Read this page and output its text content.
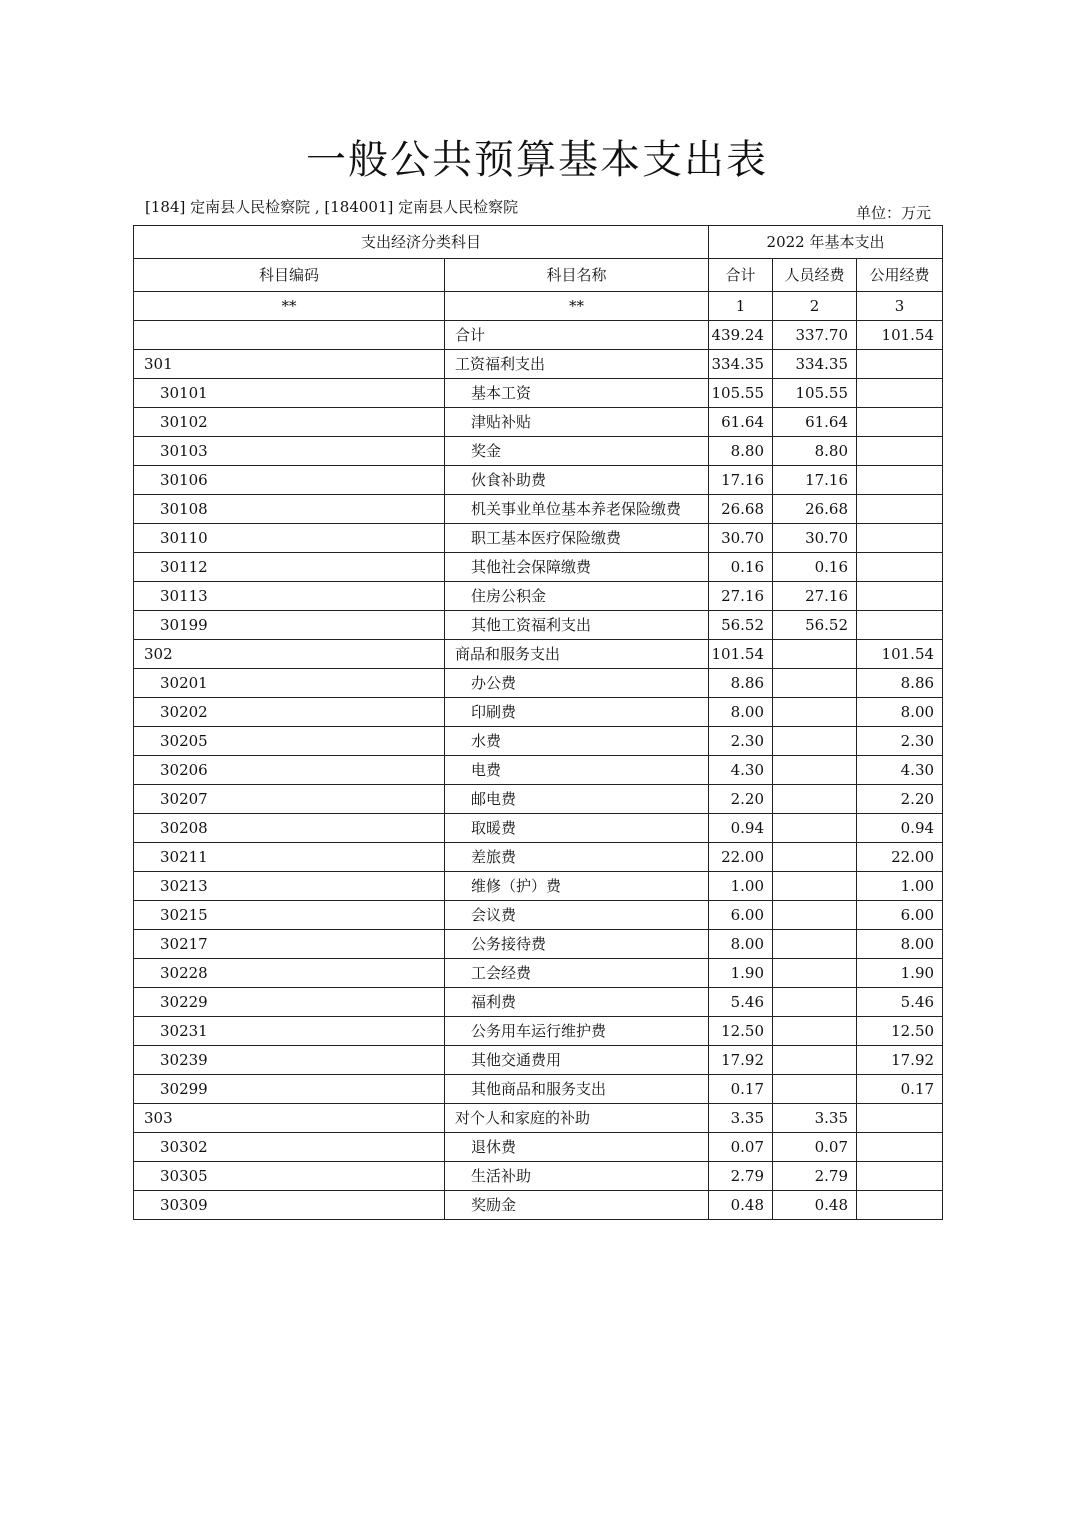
一般公共预算基本支出表
[184] 定南县人民检察院 , [184001] 定南县人民检察院	单位：万元
支出经济分类科目		2022 年基本支出		
科目编码	科目名称	合计	人员经费	公用经费
**	**	1	2	3
	合计	439.24	337.70	101.54
301	工资福利支出	334.35	334.35	
30101	基本工资	105.55	105.55	
30102	津贴补贴	61.64	61.64	
30103	奖金	8.80	8.80	
30106	伙食补助费	17.16	17.16	
30108	机关事业单位基本养老保险缴费	26.68	26.68	
30110	职工基本医疗保险缴费	30.70	30.70	
30112	其他社会保障缴费	0.16	0.16	
30113	住房公积金	27.16	27.16	
30199	其他工资福利支出	56.52	56.52	
302	商品和服务支出	101.54		101.54
30201	办公费	8.86		8.86
30202	印刷费	8.00		8.00
30205	水费	2.30		2.30
30206	电费	4.30		4.30
30207	邮电费	2.20		2.20
30208	取暖费	0.94		0.94
30211	差旅费	22.00		22.00
30213	维修（护）费	1.00		1.00
30215	会议费	6.00		6.00
30217	公务接待费	8.00		8.00
30228	工会经费	1.90		1.90
30229	福利费	5.46		5.46
30231	公务用车运行维护费	12.50		12.50
30239	其他交通费用	17.92		17.92
30299	其他商品和服务支出	0.17		0.17
303	对个人和家庭的补助	3.35	3.35	
30302	退休费	0.07	0.07	
30305	生活补助	2.79	2.79	
30309	奖励金	0.48	0.48	
